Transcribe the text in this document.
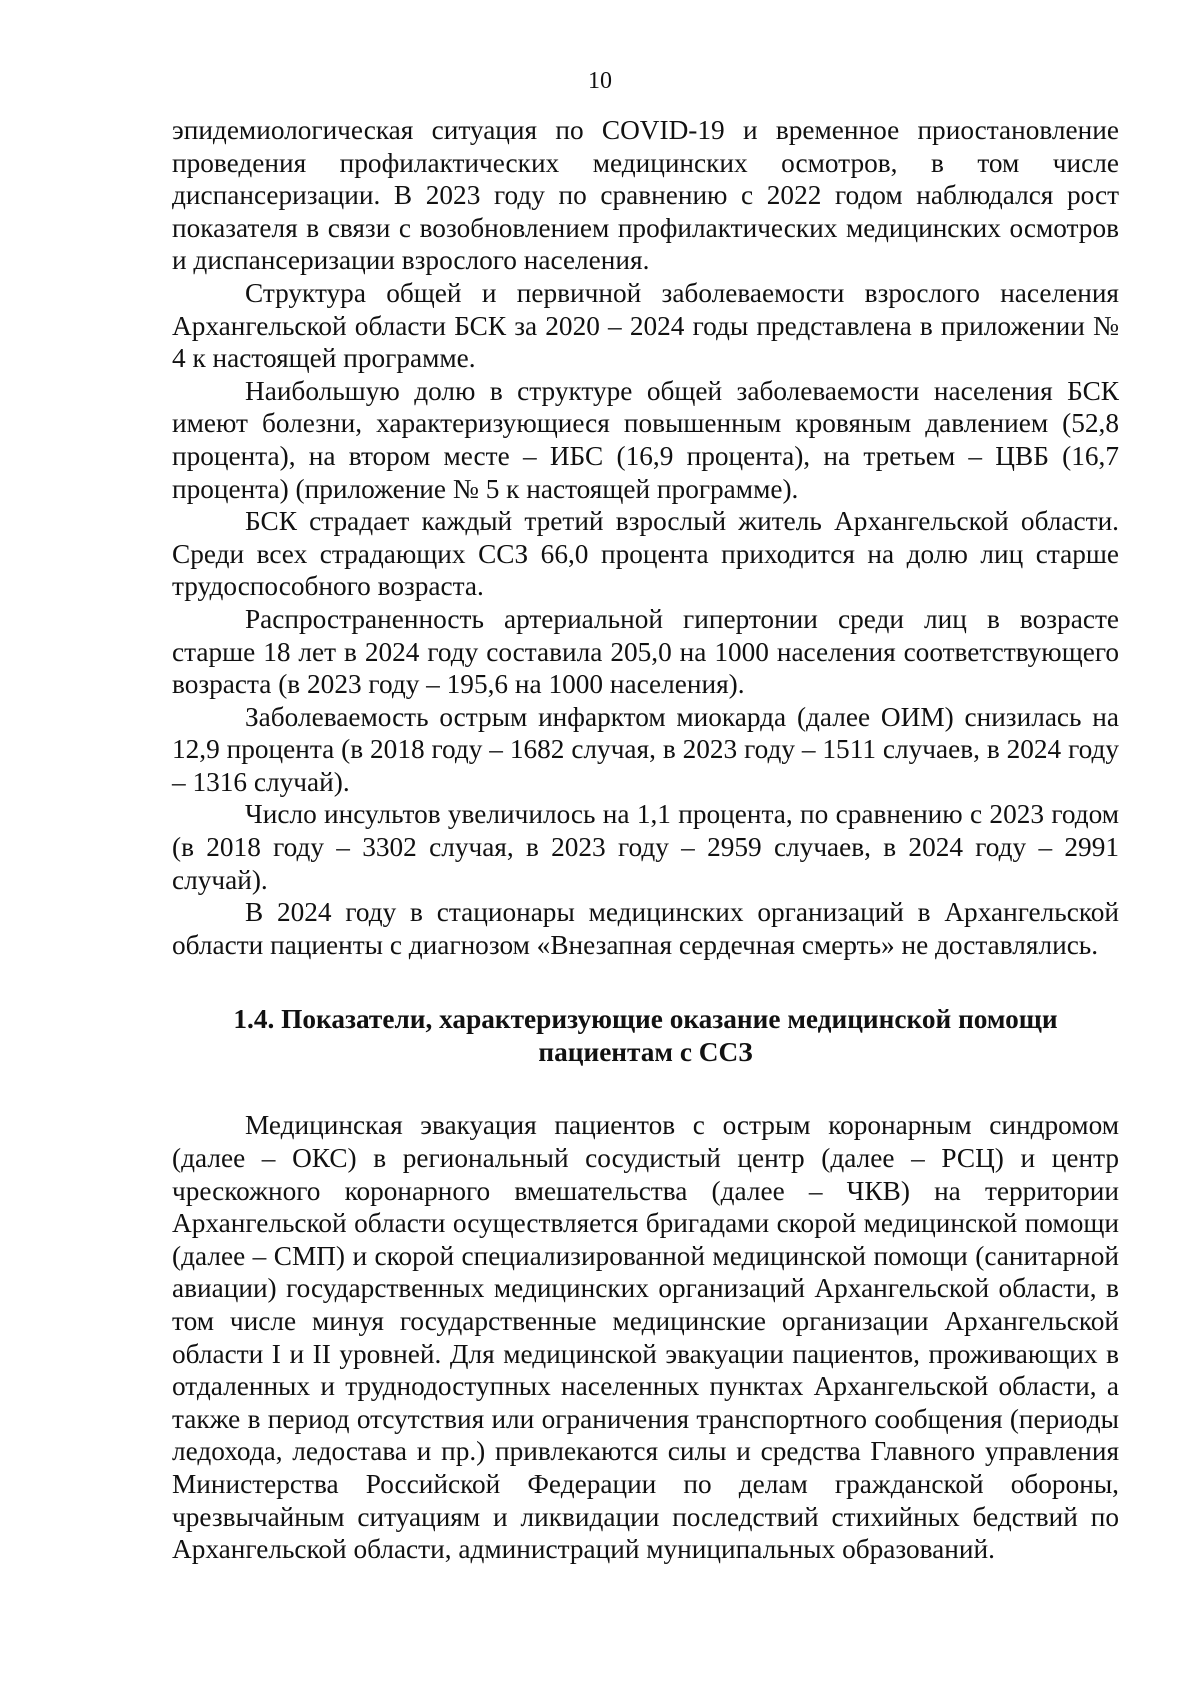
10

эпидемиологическая ситуация по COVID-19 и временное приостановление проведения профилактических медицинских осмотров, в том числе диспансеризации. В 2023 году по сравнению с 2022 годом наблюдался рост показателя в связи с возобновлением профилактических медицинских осмотров и диспансеризации взрослого населения.

Структура общей и первичной заболеваемости взрослого населения Архангельской области БСК за 2020 – 2024 годы представлена в приложении № 4 к настоящей программе.

Наибольшую долю в структуре общей заболеваемости населения БСК имеют болезни, характеризующиеся повышенным кровяным давлением (52,8 процента), на втором месте – ИБС (16,9 процента), на третьем – ЦВБ (16,7 процента) (приложение № 5 к настоящей программе).

БСК страдает каждый третий взрослый житель Архангельской области. Среди всех страдающих ССЗ 66,0 процента приходится на долю лиц старше трудоспособного возраста.

Распространенность артериальной гипертонии среди лиц в возрасте старше 18 лет в 2024 году составила 205,0 на 1000 населения соответствующего возраста (в 2023 году – 195,6 на 1000 населения).

Заболеваемость острым инфарктом миокарда (далее ОИМ) снизилась на 12,9 процента (в 2018 году – 1682 случая, в 2023 году – 1511 случаев, в 2024 году – 1316 случай).

Число инсультов увеличилось на 1,1 процента, по сравнению с 2023 годом (в 2018 году – 3302 случая, в 2023 году – 2959 случаев, в 2024 году – 2991 случай).

В 2024 году в стационары медицинских организаций в Архангельской области пациенты с диагнозом «Внезапная сердечная смерть» не доставлялись.

1.4. Показатели, характеризующие оказание медицинской помощи
пациентам с ССЗ

Медицинская эвакуация пациентов с острым коронарным синдромом (далее – ОКС) в региональный сосудистый центр (далее – РСЦ) и центр чрескожного коронарного вмешательства (далее – ЧКВ) на территории Архангельской области осуществляется бригадами скорой медицинской помощи (далее – СМП) и скорой специализированной медицинской помощи (санитарной авиации) государственных медицинских организаций Архангельской области, в том числе минуя государственные медицинские организации Архангельской области I и II уровней. Для медицинской эвакуации пациентов, проживающих в отдаленных и труднодоступных населенных пунктах Архангельской области, а также в период отсутствия или ограничения транспортного сообщения (периоды ледохода, ледостава и пр.) привлекаются силы и средства Главного управления Министерства Российской Федерации по делам гражданской обороны, чрезвычайным ситуациям и ликвидации последствий стихийных бедствий по Архангельской области, администраций муниципальных образований.
